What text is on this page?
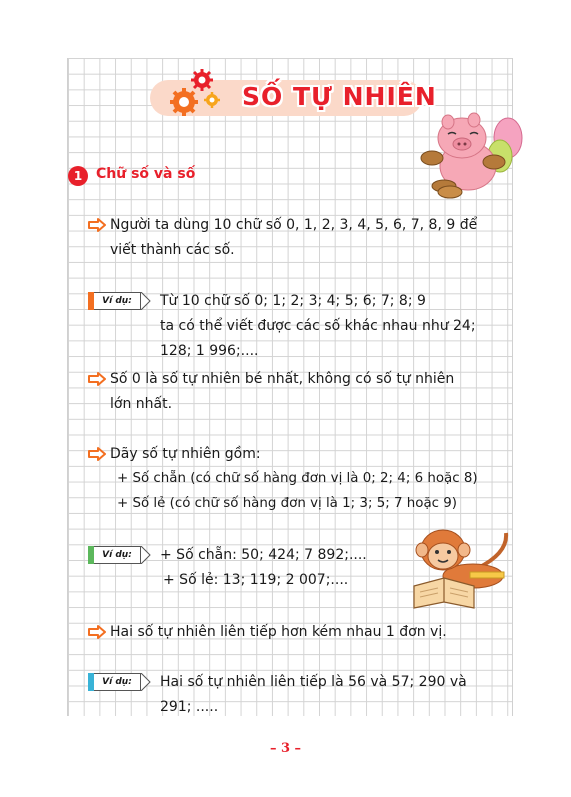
SỐ TỰ NHIÊN
1 Chữ số và số
Người ta dùng 10 chữ số 0, 1, 2, 3, 4, 5, 6, 7, 8, 9 để
viết thành các số.
Ví dụ:	Từ 10 chữ số 0; 1; 2; 3; 4; 5; 6; 7; 8; 9
ta có thể viết được các số khác nhau như 24;
128; 1 996;....
Số 0 là số tự nhiên bé nhất, không có số tự nhiên
lớn nhất.
Dãy số tự nhiên gồm:
+ Số chẵn (có chữ số hàng đơn vị là 0; 2; 4; 6 hoặc 8)
+ Số lẻ (có chữ số hàng đơn vị là 1; 3; 5; 7 hoặc 9)
Ví dụ:	+ Số chẵn: 50; 424; 7 892;....
+ Số lẻ: 13; 119; 2 007;....
Hai số tự nhiên liên tiếp hơn kém nhau 1 đơn vị.
Ví dụ:	Hai số tự nhiên liên tiếp là 56 và 57; 290 và
291; .....
– 3 –
